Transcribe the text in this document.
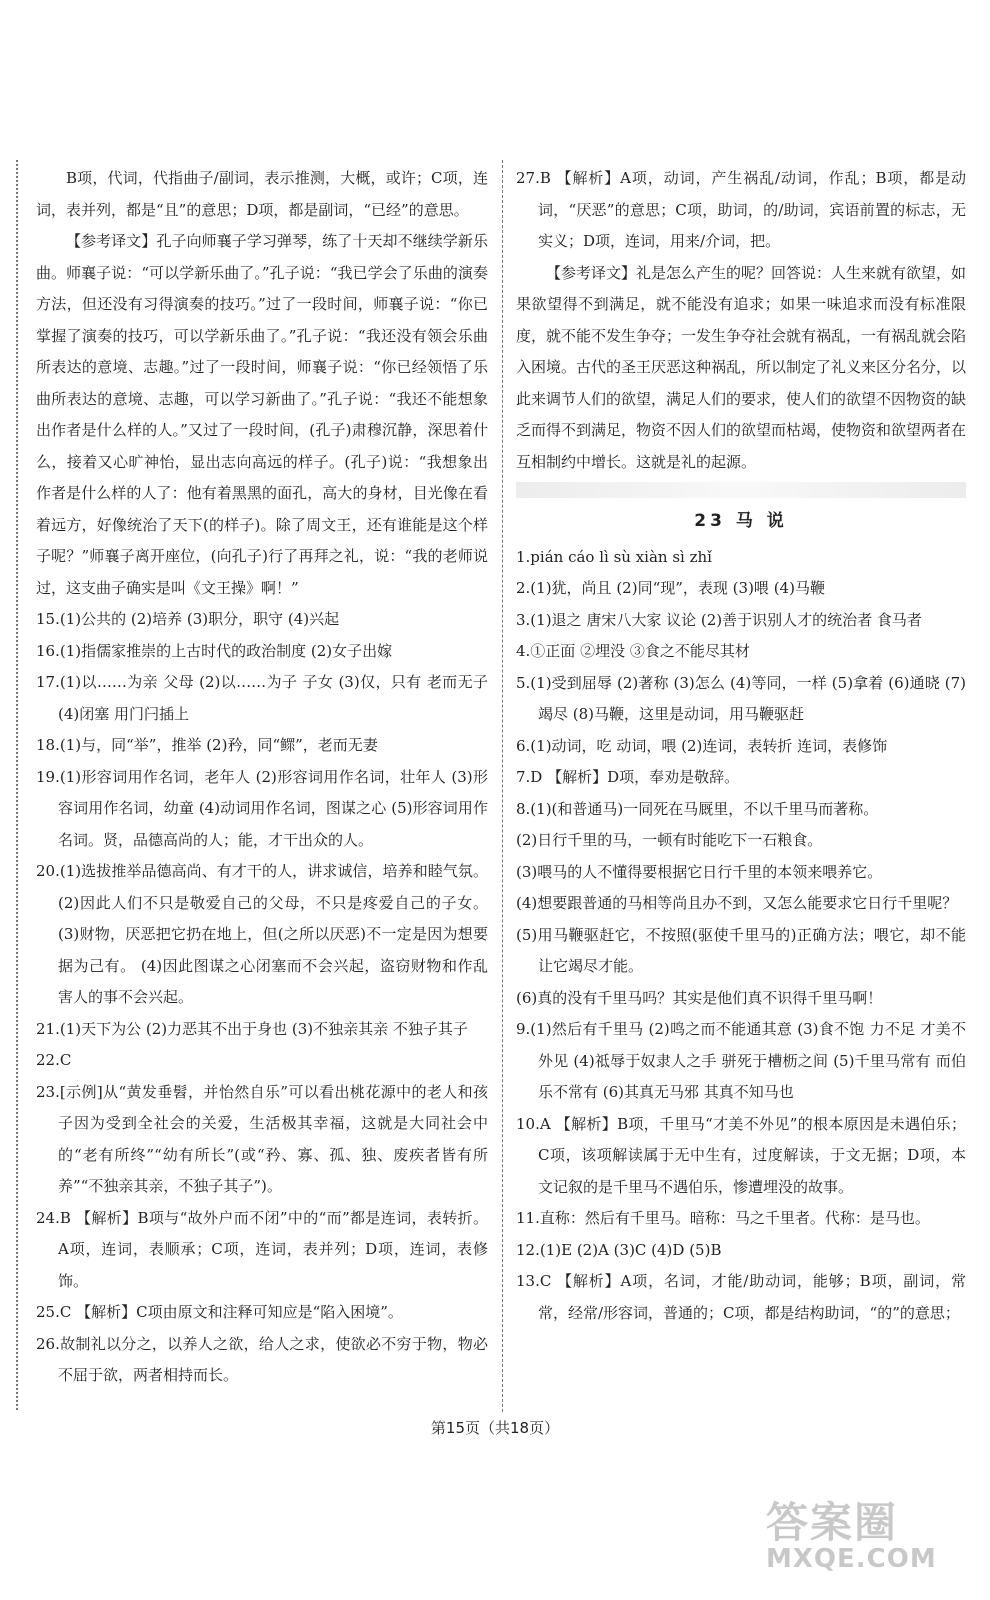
B项，代词，代指曲子/副词，表示推测，大概，或许；C项，连词，表并列，都是“且”的意思；D项，都是副词，“已经”的意思。

【参考译文】孔子向师襄子学习弹琴，练了十天却不继续学新乐曲。师襄子说：“可以学新乐曲了。”孔子说：“我已学会了乐曲的演奏方法，但还没有习得演奏的技巧。”过了一段时间，师襄子说：“你已掌握了演奏的技巧，可以学新乐曲了。”孔子说：“我还没有领会乐曲所表达的意境、志趣。”过了一段时间，师襄子说：“你已经领悟了乐曲所表达的意境、志趣，可以学习新曲了。”孔子说：“我还不能想象出作者是什么样的人。”又过了一段时间，(孔子)肃穆沉静，深思着什么，接着又心旷神怡，显出志向高远的样子。(孔子)说：“我想象出作者是什么样的人了：他有着黑黑的面孔，高大的身材，目光像在看着远方，好像统治了天下(的样子)。除了周文王，还有谁能是这个样子呢？”师襄子离开座位，(向孔子)行了再拜之礼，说：“我的老师说过，这支曲子确实是叫《文王操》啊！”

15.(1)公共的 (2)培养 (3)职分，职守 (4)兴起

16.(1)指儒家推崇的上古时代的政治制度 (2)女子出嫁

17.(1)以……为亲 父母 (2)以……为子 子女 (3)仅，只有 老而无子 (4)闭塞 用门闩插上

18.(1)与，同“举”，推举 (2)矜，同“鳏”，老而无妻

19.(1)形容词用作名词，老年人 (2)形容词用作名词，壮年人 (3)形容词用作名词，幼童 (4)动词用作名词，图谋之心 (5)形容词用作名词。贤，品德高尚的人；能，才干出众的人。

20.(1)选拔推举品德高尚、有才干的人，讲求诚信，培养和睦气氛。 (2)因此人们不只是敬爱自己的父母，不只是疼爱自己的子女。 (3)财物，厌恶把它扔在地上，但(之所以厌恶)不一定是因为想要据为己有。 (4)因此图谋之心闭塞而不会兴起，盗窃财物和作乱害人的事不会兴起。

21.(1)天下为公 (2)力恶其不出于身也 (3)不独亲其亲 不独子其子

22.C

23.[示例]从“黄发垂髫，并怡然自乐”可以看出桃花源中的老人和孩子因为受到全社会的关爱，生活极其幸福，这就是大同社会中的“老有所终”“幼有所长”(或“矜、寡、孤、独、废疾者皆有所养”“不独亲其亲，不独子其子”)。

24.B 【解析】B项与“故外户而不闭”中的“而”都是连词，表转折。A项，连词，表顺承；C项，连词，表并列；D项，连词，表修饰。

25.C 【解析】C项由原文和注释可知应是“陷入困境”。

26.故制礼以分之，以养人之欲，给人之求，使欲必不穷于物，物必不屈于欲，两者相持而长。

27.B 【解析】A项，动词，产生祸乱/动词，作乱；B项，都是动词，“厌恶”的意思；C项，助词，的/助词，宾语前置的标志，无实义；D项，连词，用来/介词，把。

【参考译文】礼是怎么产生的呢？回答说：人生来就有欲望，如果欲望得不到满足，就不能没有追求；如果一味追求而没有标准限度，就不能不发生争夺；一发生争夺社会就有祸乱，一有祸乱就会陷入困境。古代的圣王厌恶这种祸乱，所以制定了礼义来区分名分，以此来调节人们的欲望，满足人们的要求，使人们的欲望不因物资的缺乏而得不到满足，物资不因人们的欲望而枯竭，使物资和欲望两者在互相制约中增长。这就是礼的起源。

23 马 说

1.pián cáo lì sù xiàn sì zhǐ

2.(1)犹，尚且 (2)同“现”，表现 (3)喂 (4)马鞭

3.(1)退之 唐宋八大家 议论 (2)善于识别人才的统治者 食马者

4.①正面 ②埋没 ③食之不能尽其材

5.(1)受到屈辱 (2)著称 (3)怎么 (4)等同，一样 (5)拿着 (6)通晓 (7)竭尽 (8)马鞭，这里是动词，用马鞭驱赶

6.(1)动词，吃 动词，喂 (2)连词，表转折 连词，表修饰

7.D 【解析】D项，奉劝是敬辞。

8.(1)(和普通马)一同死在马厩里，不以千里马而著称。

(2)日行千里的马，一顿有时能吃下一石粮食。

(3)喂马的人不懂得要根据它日行千里的本领来喂养它。

(4)想要跟普通的马相等尚且办不到，又怎么能要求它日行千里呢？

(5)用马鞭驱赶它，不按照(驱使千里马的)正确方法；喂它，却不能让它竭尽才能。

(6)真的没有千里马吗？其实是他们真不识得千里马啊！

9.(1)然后有千里马 (2)鸣之而不能通其意 (3)食不饱 力不足 才美不外见 (4)祗辱于奴隶人之手 骈死于槽枥之间 (5)千里马常有 而伯乐不常有 (6)其真无马邪 其真不知马也

10.A 【解析】B项，千里马“才美不外见”的根本原因是未遇伯乐；C项，该项解读属于无中生有，过度解读，于文无据；D项，本文记叙的是千里马不遇伯乐，惨遭埋没的故事。

11.直称：然后有千里马。暗称：马之千里者。代称：是马也。

12.(1)E (2)A (3)C (4)D (5)B

13.C 【解析】A项，名词，才能/助动词，能够；B项，副词，常常，经常/形容词，普通的；C项，都是结构助词，“的”的意思；

第15页（共18页）
答案圈
MXQE.COM
